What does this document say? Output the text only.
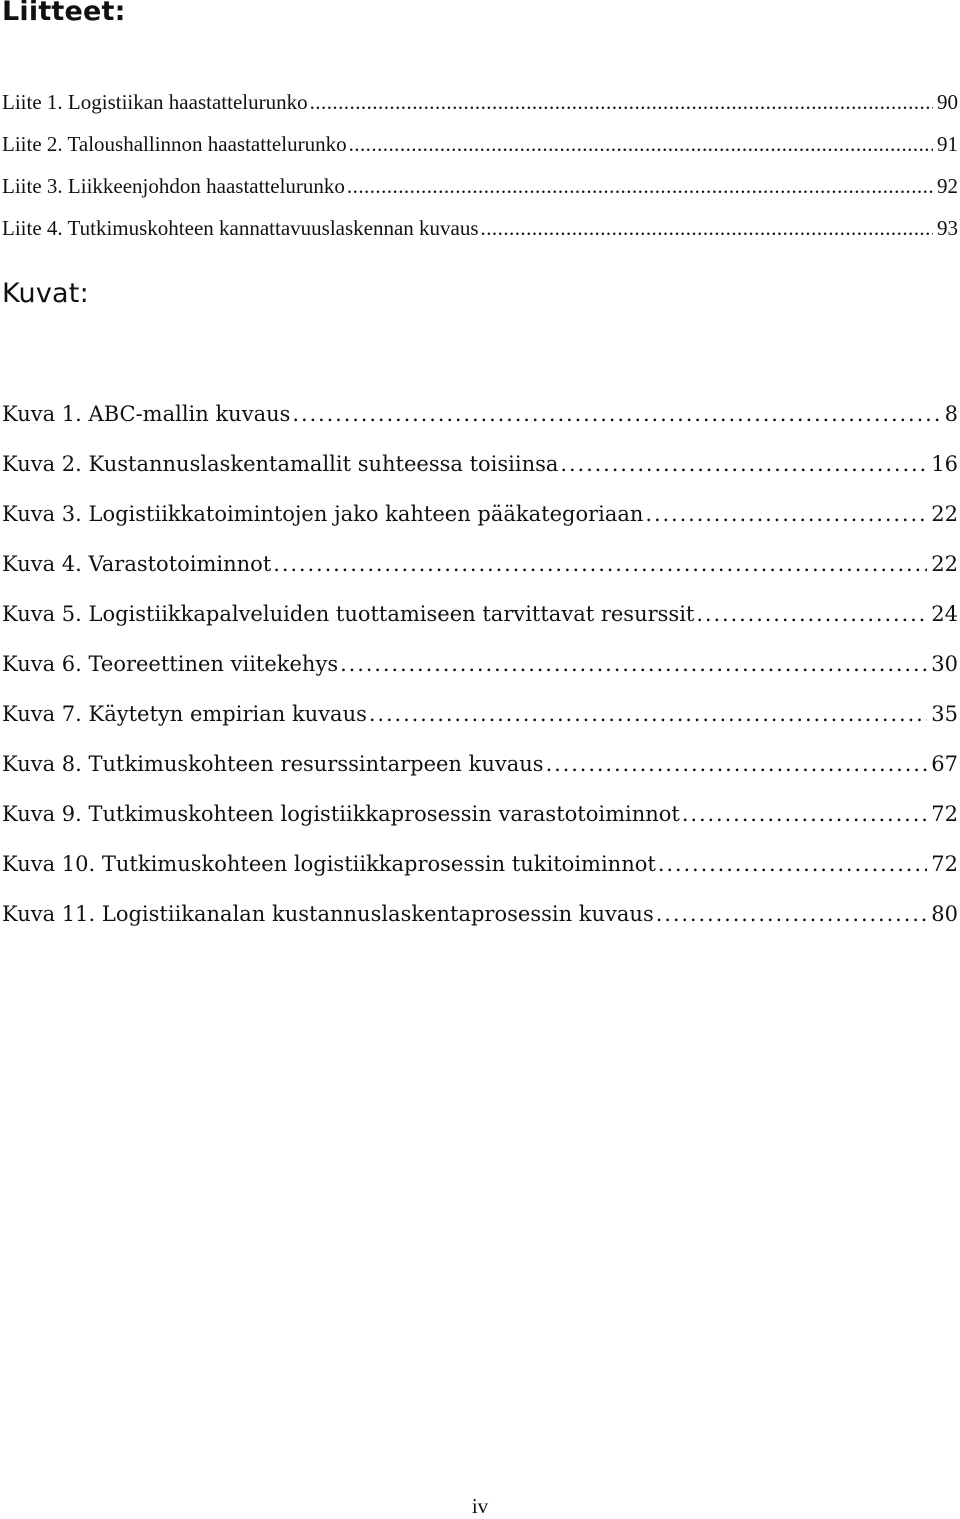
Liitteet:
Liite 1. Logistiikan haastattelurunko . . .	90
Liite 2. Taloushallinnon haastattelurunko . . .	91
Liite 3. Liikkeenjohdon haastattelurunko . . .	92
Liite 4. Tutkimuskohteen kannattavuuslaskennan kuvaus . . .	93
Kuvat:
Kuva 1. ABC-mallin kuvaus . . .	8
Kuva 2. Kustannuslaskentamallit suhteessa toisiinsa . . .	16
Kuva 3. Logistiikkatoimintojen jako kahteen pääkategoriaan . . .	22
Kuva 4. Varastotoiminnot . . .	22
Kuva 5. Logistiikkapalveluiden tuottamiseen tarvittavat resurssit . . .	24
Kuva 6. Teoreettinen viitekehys . . .	30
Kuva 7. Käytetyn empirian kuvaus . . .	35
Kuva 8. Tutkimuskohteen resurssintarpeen kuvaus . . .	67
Kuva 9. Tutkimuskohteen logistiikkaprosessin varastotoiminnot . . .	72
Kuva 10. Tutkimuskohteen logistiikkaprosessin tukitoiminnot . . .	72
Kuva 11. Logistiikanalan kustannuslaskentaprosessin kuvaus . . .	80
iv
